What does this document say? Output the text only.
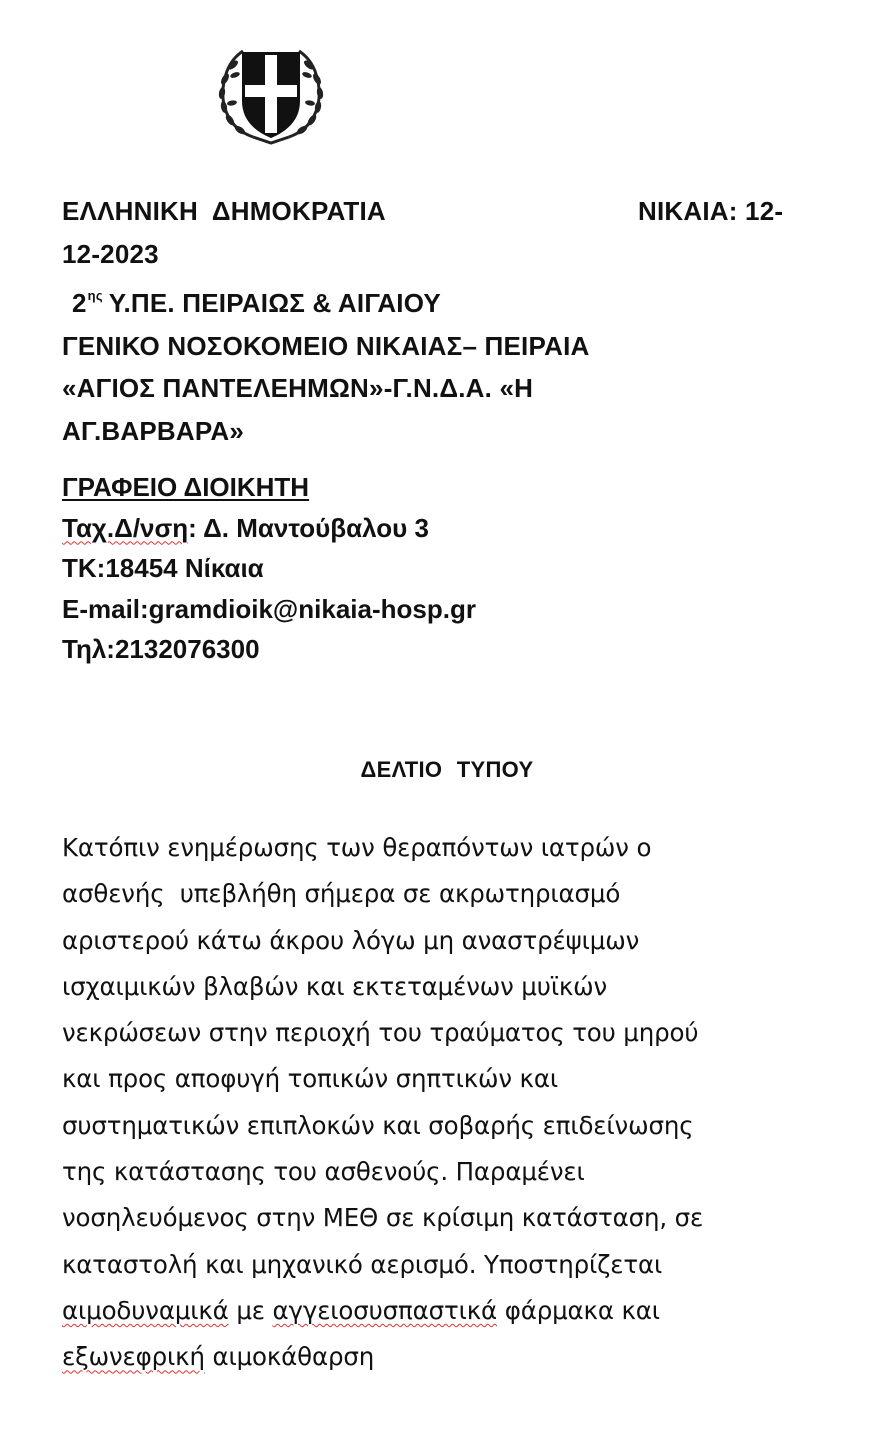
ΕΛΛΗΝΙΚΗ  ΔΗΜΟΚΡΑΤΙΑ	ΝΙΚΑΙΑ: 12-
12-2023
$2^{\eta\varsigma}$ Υ.ΠΕ. ΠΕΙΡΑΙΩΣ & ΑΙΓΑΙΟΥ
ΓΕΝΙΚΟ ΝΟΣΟΚΟΜΕΙΟ ΝΙΚΑΙΑΣ– ΠΕΙΡΑΙΑ
«ΑΓΙΟΣ ΠΑΝΤΕΛΕΗΜΩΝ»-Γ.Ν.Δ.Α. «Η
ΑΓ.ΒΑΡΒΑΡΑ»
ΓΡΑΦΕΙΟ ΔΙΟΙΚΗΤΗ
Ταχ.Δ/νση: Δ. Μαντούβαλου 3
ΤΚ:18454 Νίκαια
E-mail:gramdioik@nikaia-hosp.gr
Τηλ:2132076300
ΔΕΛΤΙΟ ΤΥΠΟΥ
Κατόπιν ενημέρωσης των θεραπόντων ιατρών ο
ασθενής  υπεβλήθη σήμερα σε ακρωτηριασμό
αριστερού κάτω άκρου λόγω μη αναστρέψιμων
ισχαιμικών βλαβών και εκτεταμένων μυϊκών
νεκρώσεων στην περιοχή του τραύματος του μηρού
και προς αποφυγή τοπικών σηπτικών και
συστηματικών επιπλοκών και σοβαρής επιδείνωσης
της κατάστασης του ασθενούς. Παραμένει
νοσηλευόμενος στην ΜΕΘ σε κρίσιμη κατάσταση, σε
καταστολή και μηχανικό αερισμό. Υποστηρίζεται
αιμοδυναμικά με αγγειοσυσπαστικά φάρμακα και
εξωνεφρική αιμοκάθαρση
